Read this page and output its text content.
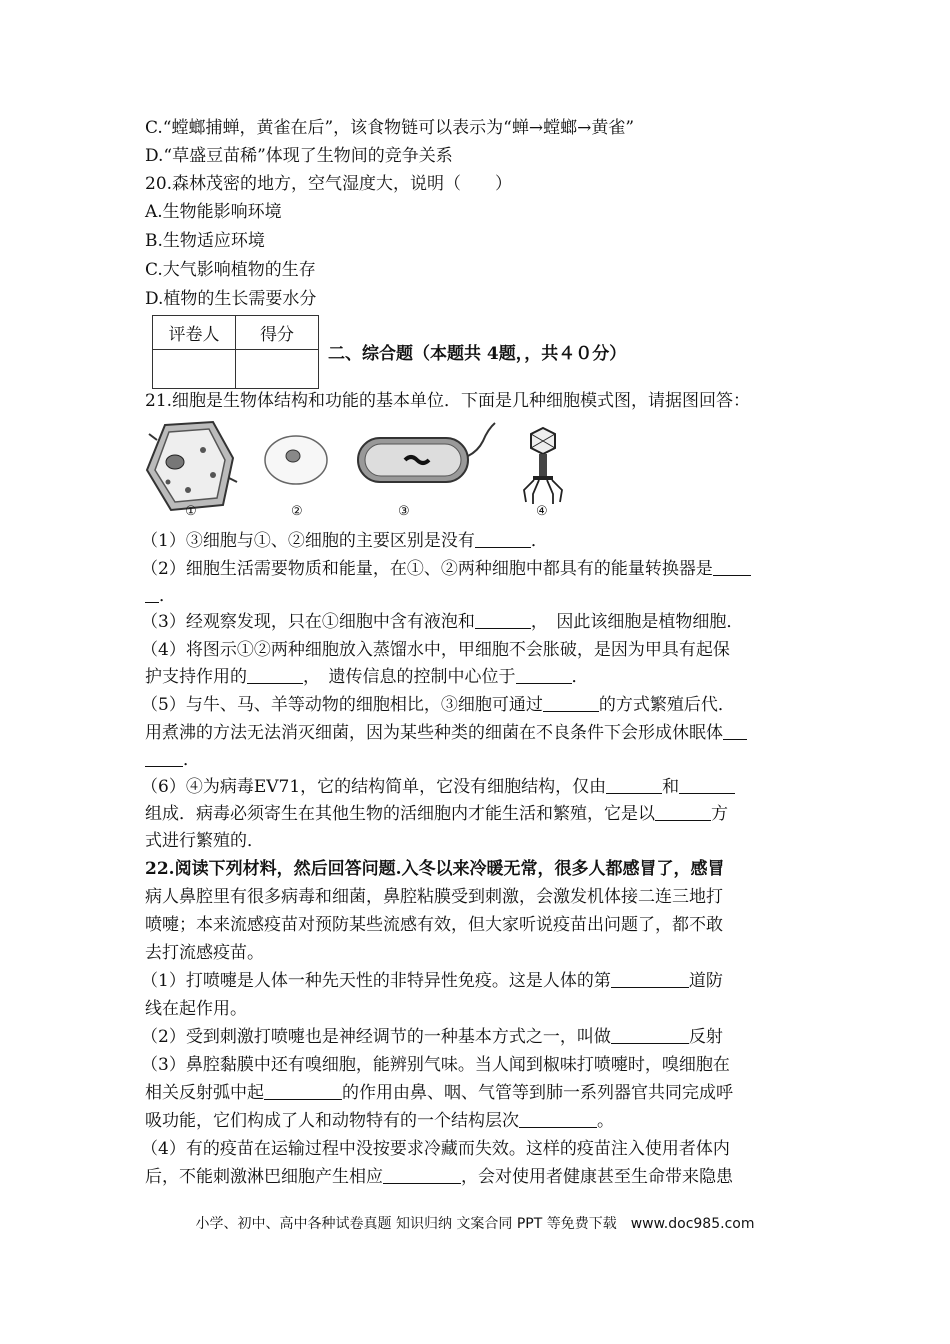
C.“螳螂捕蝉，黄雀在后”，该食物链可以表示为“蝉→螳螂→黄雀”
D.“草盛豆苗稀”体现了生物间的竞争关系
20.森林茂密的地方，空气湿度大，说明（　　）
A.生物能影响环境
B.生物适应环境
C.大气影响植物的生存
D.植物的生长需要水分
评卷人	得分

二、综合题（本题共 4题，，共４０分）
21.细胞是生物体结构和功能的基本单位．下面是几种细胞模式图，请据图回答：
①	②	③	④
（1）③细胞与①、②细胞的主要区别是没有	．
（2）细胞生活需要物质和能量，在①、②两种细胞中都具有的能量转换器是
．
（3）经观察发现，只在①细胞中含有液泡和	，　因此该细胞是植物细胞．
（4）将图示①②两种细胞放入蒸馏水中，甲细胞不会胀破，是因为甲具有起保
护支持作用的	，　遗传信息的控制中心位于	．
（5）与牛、马、羊等动物的细胞相比，③细胞可通过	的方式繁殖后代．
用煮沸的方法无法消灭细菌，因为某些种类的细菌在不良条件下会形成休眠体
．
（6）④为病毒EV71，它的结构简单，它没有细胞结构，仅由	和
组成．病毒必须寄生在其他生物的活细胞内才能生活和繁殖，它是以	方
式进行繁殖的．
22.阅读下列材料，然后回答问题.入冬以来冷暖无常，很多人都感冒了，感冒
病人鼻腔里有很多病毒和细菌，鼻腔粘膜受到刺激，会激发机体接二连三地打
喷嚏；本来流感疫苗对预防某些流感有效，但大家听说疫苗出问题了，都不敢
去打流感疫苗。
（1）打喷嚏是人体一种先天性的非特异性免疫。这是人体的第	道防
线在起作用。
（2）受到刺激打喷嚏也是神经调节的一种基本方式之一，叫做	反射
（3）鼻腔黏膜中还有嗅细胞，能辨别气味。当人闻到椒味打喷嚏时，嗅细胞在
相关反射弧中起	的作用由鼻、咽、气管等到肺一系列器官共同完成呼
吸功能，它们构成了人和动物特有的一个结构层次	。
（4）有的疫苗在运输过程中没按要求冷藏而失效。这样的疫苗注入使用者体内
后，不能刺激淋巴细胞产生相应	，会对使用者健康甚至生命带来隐患
小学、初中、高中各种试卷真题 知识归纳 文案合同 PPT 等免费下载　www.doc985.com
